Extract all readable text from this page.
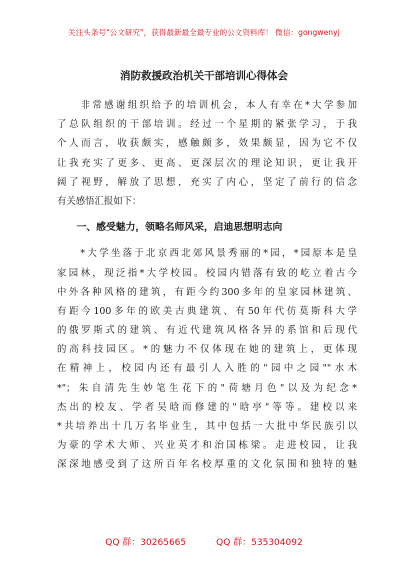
关注头条号"公文研究"，获得最新最全最专业的公文资料库！ 微信：gongwenyj
消防救援政治机关干部培训心得体会
　　非常感谢组织给予的培训机会，本人有幸在*大学参加
了总队组织的干部培训。经过一个星期的紧张学习，于我
个人而言，收获颇实，感触颇多，效果颇显，因为它不仅
让我充实了更多、更高、更深层次的理论知识，更让我开
阔了视野，解放了思想，充实了内心，坚定了前行的信念
有关感悟汇报如下：
　　一、感受魅力，领略名师风采，启迪思想明志向
　　*大学坐落于北京西北郊风景秀丽的*园，*园原本是皇
家园林，现泛指*大学校园。校园内错落有致的屹立着古今
中外各种风格的建筑，有距今约300多年的皇家园林建筑、
有距今100多年的欧美古典建筑、有50年代仿莫斯科大学
的俄罗斯式的建筑、有近代建筑风格各异的系馆和后现代
的高科技园区。*的魅力不仅体现在她的建筑上，更体现
在精神上，校园内还有最引人入胜的"园中之园""水木
*"；朱自清先生妙笔生花下的"荷塘月色"以及为纪念*
杰出的校友、学者吴晗而修建的"晗亭"等等。建校以来
*共培养出十几万名毕业生，其中包括一大批中华民族引以
为豪的学术大师、兴业英才和治国栋梁。走进校园，让我
深深地感受到了这所百年名校厚重的文化氛围和独特的魅
QQ 群：30265665	QQ 群：535304092
